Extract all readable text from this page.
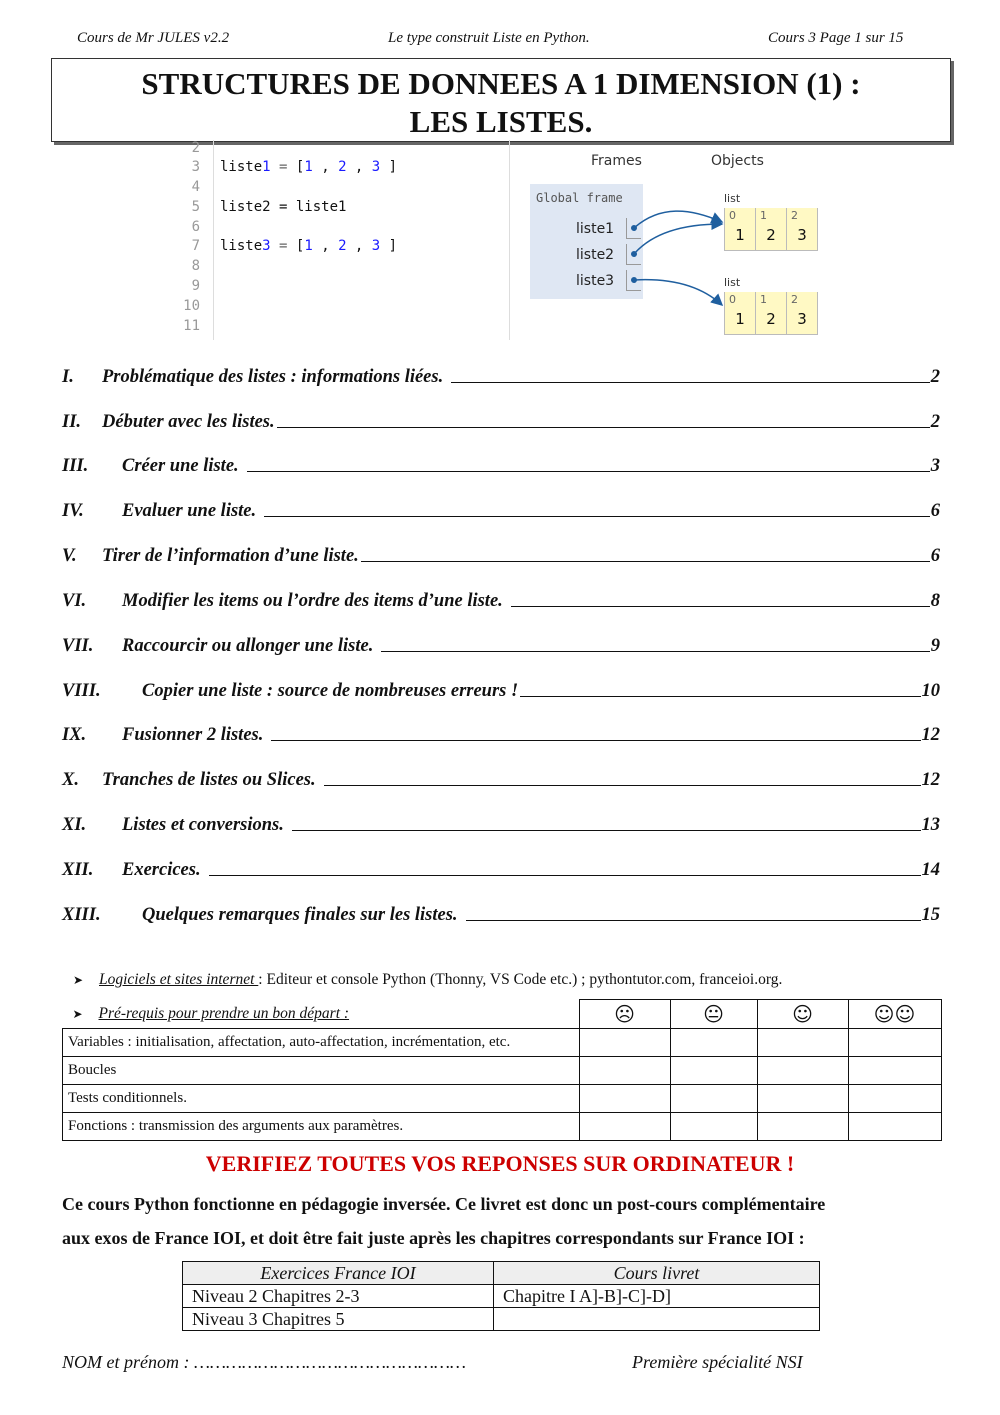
Cours de Mr JULES v2.2	Le type construit Liste en Python.	Cours 3 Page 1 sur 15
STRUCTURES DE DONNEES A 1 DIMENSION (1) :
LES LISTES.
2
3 liste1 = [1 , 2 , 3 ]
4
5 liste2 = liste1
6
7 liste3 = [1 , 2 , 3 ]
8
9
10
11
Frames	Objects
Global frame
liste1
liste2
liste3
list
0
1
1
2
2
3
list
0
1
1
2
2
3
I.	Problématique des listes : informations liées.	2
II.	Débuter avec les listes.	2
III.	Créer une liste.	3
IV.	Evaluer une liste.	6
V.	Tirer de l’information d’une liste.	6
VI.	Modifier les items ou l’ordre des items d’une liste.	8
VII.	Raccourcir ou allonger une liste.	9
VIII.	Copier une liste : source de nombreuses erreurs !	10
IX.	Fusionner 2 listes.	12
X.	Tranches de listes ou Slices.	12
XI.	Listes et conversions.	13
XII.	Exercices.	14
XIII.	Quelques remarques finales sur les listes.	15
➤ Logiciels et sites internet : Editeur et console Python (Thonny, VS Code etc.) ; pythontutor.com, franceioi.org.
➤ Pré-requis pour prendre un bon départ :	☹	😐	☺	☺☺
Variables : initialisation, affectation, auto-affectation, incrémentation, etc.				
Boucles				
Tests conditionnels.				
Fonctions : transmission des arguments aux paramètres.				
VERIFIEZ TOUTES VOS REPONSES SUR ORDINATEUR !
Ce cours Python fonctionne en pédagogie inversée. Ce livret est donc un post-cours complémentaire
aux exos de France IOI, et doit être fait juste après les chapitres correspondants sur France IOI :
Exercices France IOI	Cours livret
Niveau 2 Chapitres 2-3	Chapitre I A]-B]-C]-D]
Niveau 3 Chapitres 5	
NOM et prénom : ……………………………………………	Première spécialité NSI
